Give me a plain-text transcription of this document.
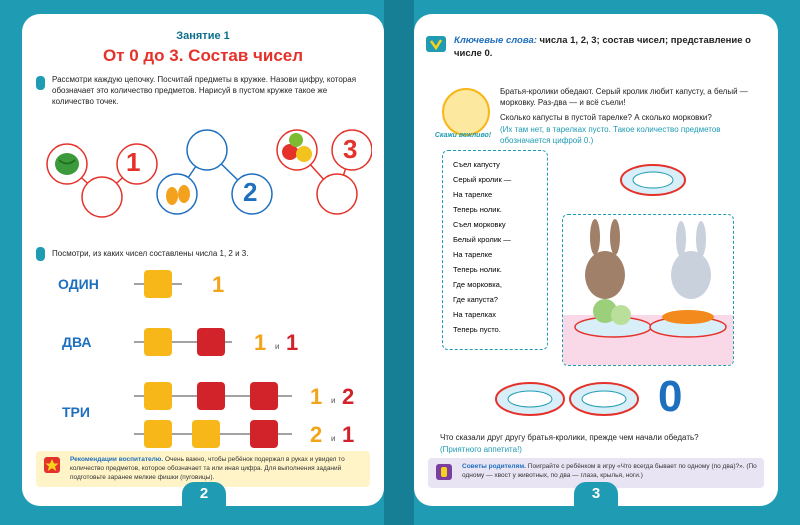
Занятие 1
От 0 до 3. Состав чисел
Рассмотри каждую цепочку. Посчитай предметы в кружке. Назови цифру, которая обозначает это количество предметов. Нарисуй в пустом кружке такое же количество точек.
1
2
3
Посмотри, из каких чисел составлены числа 1, 2 и 3.
ОДИН	1
ДВА	1 и 1
ТРИ
1 и 2
2 и 1
Рекомендации воспитателю. Очень важно, чтобы ребёнок подержал в руках и увидел то количество предметов, которое обозначает та или иная цифра. Для выполнения заданий подготовьте заранее мелкие фишки (пуговицы).
2
Ключевые слова: числа 1, 2, 3; состав чисел; представление о числе 0.
Скажи вежливо!
Братья-кролики обедают. Серый кролик любит капусту, а белый — морковку. Раз-два — и всё съели!
Сколько капусты в пустой тарелке? А сколько морковки?
(Их там нет, в тарелках пусто. Такое количество предметов обозначается цифрой 0.)
Съел капусту
Серый кролик —
На тарелке
Теперь нолик.
Съел морковку
Белый кролик —
На тарелке
Теперь нолик.
Где морковка,
Где капуста?
На тарелках
Теперь пусто.
0
Что сказали друг другу братья-кролики, прежде чем начали обедать?
(Приятного аппетита!)
Советы родителям. Поиграйте с ребёнком в игру «Что всегда бывает по одному (по два)?». (По одному — хвост у животных, по два — глаза, крылья, ноги.)
3
